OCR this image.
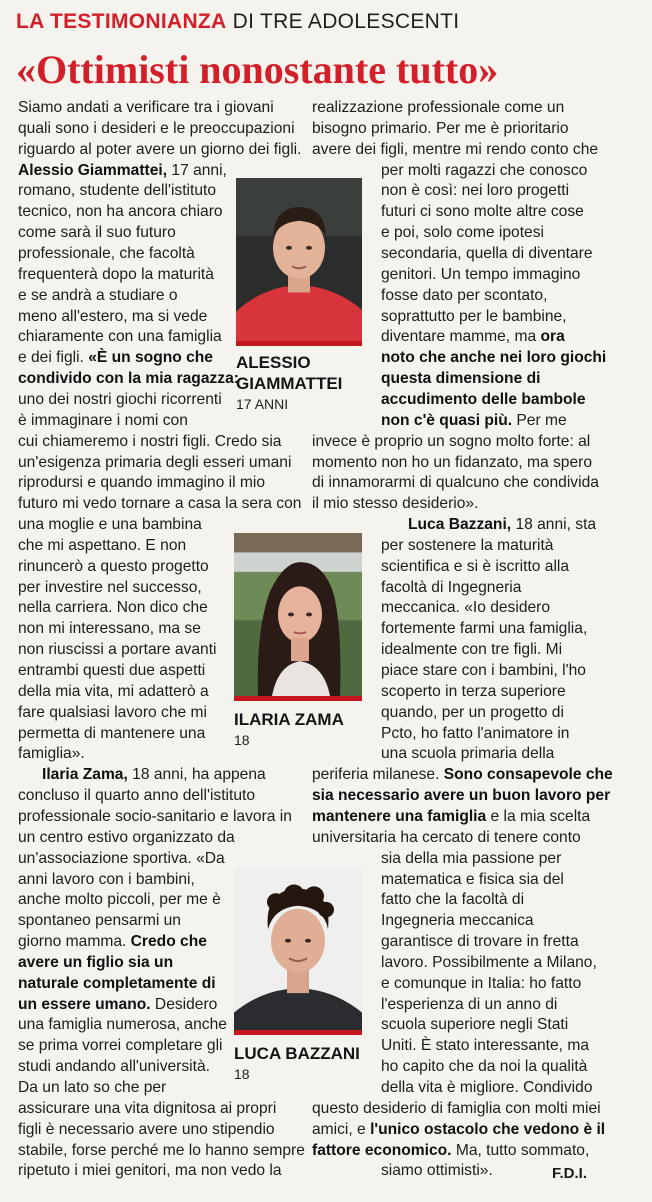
LA TESTIMONIANZA DI TRE ADOLESCENTI
«Ottimisti nonostante tutto»
Siamo andati a verificare tra i giovani
quali sono i desideri e le preoccupazioni
riguardo al poter avere un giorno dei figli.
Alessio Giammattei, 17 anni,
romano, studente dell'istituto
tecnico, non ha ancora chiaro
come sarà il suo futuro
professionale, che facoltà
frequenterà dopo la maturità
e se andrà a studiare o
meno all'estero, ma si vede
chiaramente con una famiglia
e dei figli. «È un sogno che
condivido con la mia ragazza:
uno dei nostri giochi ricorrenti
è immaginare i nomi con
cui chiameremo i nostri figli. Credo sia
un'esigenza primaria degli esseri umani
riprodursi e quando immagino il mio
futuro mi vedo tornare a casa la sera con
una moglie e una bambina
che mi aspettano. E non
rinuncerò a questo progetto
per investire nel successo,
nella carriera. Non dico che
non mi interessano, ma se
non riuscissi a portare avanti
entrambi questi due aspetti
della mia vita, mi adatterò a
fare qualsiasi lavoro che mi
permetta di mantenere una
famiglia».
Ilaria Zama, 18 anni, ha appena
concluso il quarto anno dell'istituto
professionale socio-sanitario e lavora in
un centro estivo organizzato da
un'associazione sportiva. «Da
anni lavoro con i bambini,
anche molto piccoli, per me è
spontaneo pensarmi un
giorno mamma. Credo che
avere un figlio sia un
naturale completamente di
un essere umano. Desidero
una famiglia numerosa, anche
se prima vorrei completare gli
studi andando all'università.
Da un lato so che per
assicurare una vita dignitosa ai propri
figli è necessario avere uno stipendio
stabile, forse perché me lo hanno sempre
ripetuto i miei genitori, ma non vedo la
realizzazione professionale come un
bisogno primario. Per me è prioritario
avere dei figli, mentre mi rendo conto che
per molti ragazzi che conosco
non è così: nei loro progetti
futuri ci sono molte altre cose
e poi, solo come ipotesi
secondaria, quella di diventare
genitori. Un tempo immagino
fosse dato per scontato,
soprattutto per le bambine,
diventare mamme, ma ora
noto che anche nei loro giochi
questa dimensione di
accudimento delle bambole
non c'è quasi più. Per me
invece è proprio un sogno molto forte: al
momento non ho un fidanzato, ma spero
di innamorarmi di qualcuno che condivida
il mio stesso desiderio».
Luca Bazzani, 18 anni, sta
per sostenere la maturità
scientifica e si è iscritto alla
facoltà di Ingegneria
meccanica. «Io desidero
fortemente farmi una famiglia,
idealmente con tre figli. Mi
piace stare con i bambini, l'ho
scoperto in terza superiore
quando, per un progetto di
Pcto, ho fatto l'animatore in
una scuola primaria della
periferia milanese. Sono consapevole che
sia necessario avere un buon lavoro per
mantenere una famiglia e la mia scelta
universitaria ha cercato di tenere conto
sia della mia passione per
matematica e fisica sia del
fatto che la facoltà di
Ingegneria meccanica
garantisce di trovare in fretta
lavoro. Possibilmente a Milano,
e comunque in Italia: ho fatto
l'esperienza di un anno di
scuola superiore negli Stati
Uniti. È stato interessante, ma
ho capito che da noi la qualità
della vita è migliore. Condivido
questo desiderio di famiglia con molti miei
amici, e l'unico ostacolo che vedono è il
fattore economico. Ma, tutto sommato,
siamo ottimisti».
ALESSIO
GIAMMATTEI
17 ANNI
ILARIA ZAMA
18
LUCA BAZZANI
18
F.D.I.
